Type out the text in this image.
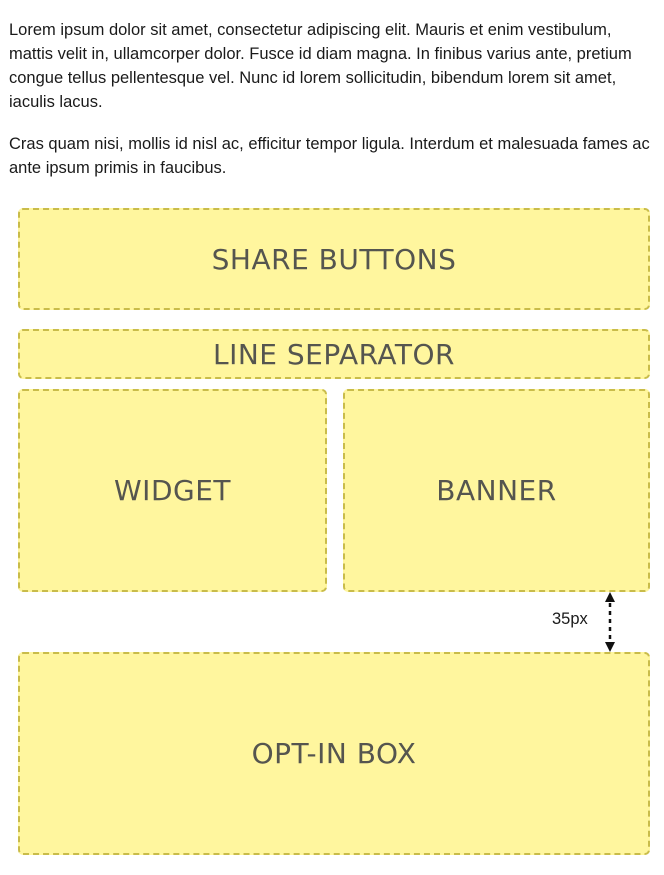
Lorem ipsum dolor sit amet, consectetur adipiscing elit. Mauris et enim vestibulum, mattis velit in, ullamcorper dolor. Fusce id diam magna. In finibus varius ante, pretium congue tellus pellentesque vel. Nunc id lorem sollicitudin, bibendum lorem sit amet, iaculis lacus.

Cras quam nisi, mollis id nisl ac, efficitur tempor ligula. Interdum et malesuada fames ac ante ipsum primis in faucibus.

SHARE BUTTONS
LINE SEPARATOR
WIDGET	BANNER
35px
OPT-IN BOX
